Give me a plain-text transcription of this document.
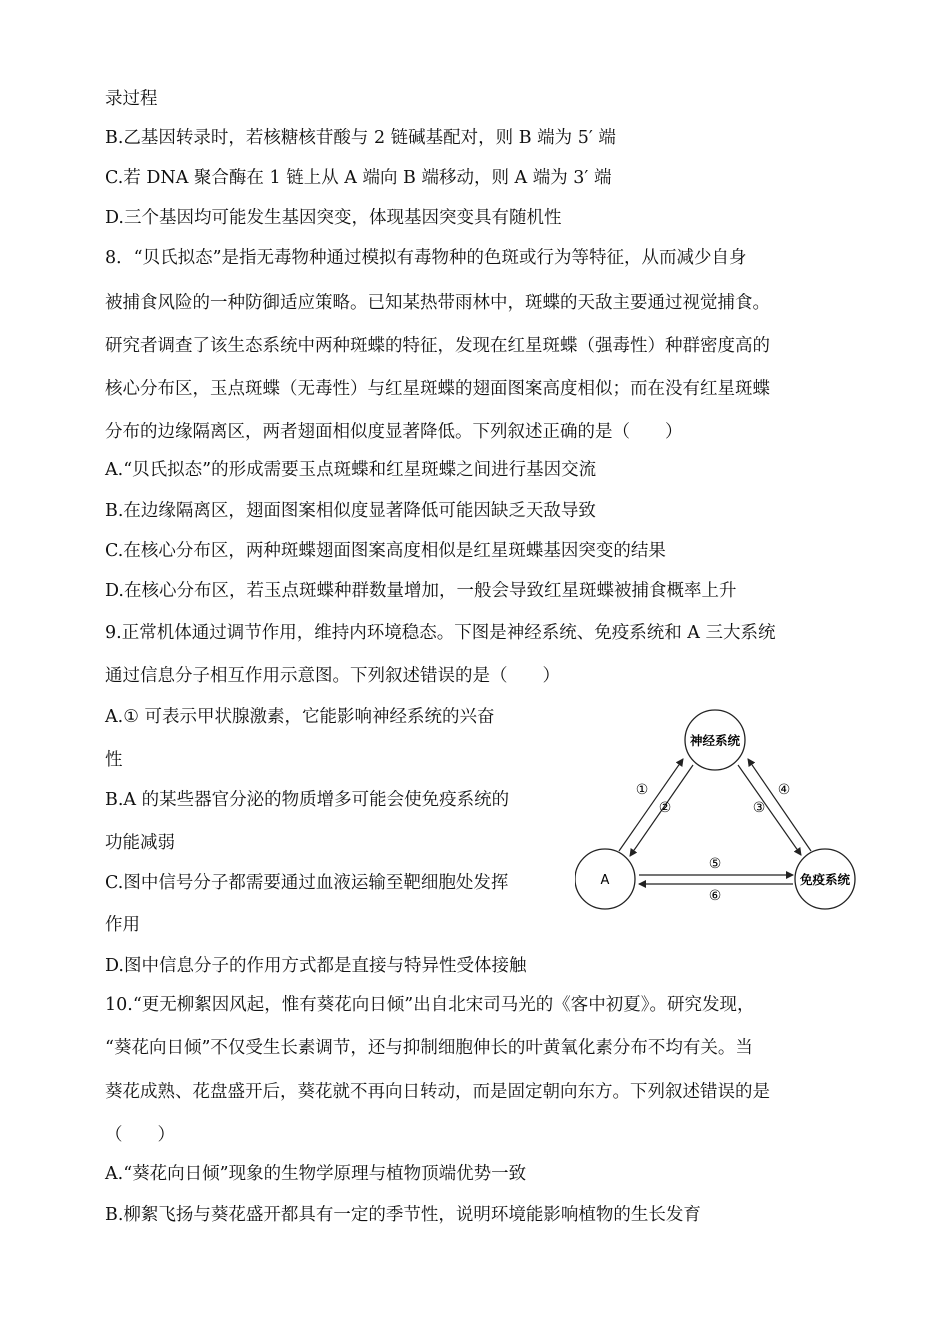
录过程
B.乙基因转录时，若核糖核苷酸与 2 链碱基配对，则 B 端为 5′ 端
C.若 DNA 聚合酶在 1 链上从 A 端向 B 端移动，则 A 端为 3′ 端
D.三个基因均可能发生基因突变，体现基因突变具有随机性
8．“贝氏拟态”是指无毒物种通过模拟有毒物种的色斑或行为等特征，从而减少自身
被捕食风险的一种防御适应策略。已知某热带雨林中，斑蝶的天敌主要通过视觉捕食。
研究者调查了该生态系统中两种斑蝶的特征，发现在红星斑蝶（强毒性）种群密度高的
核心分布区，玉点斑蝶（无毒性）与红星斑蝶的翅面图案高度相似；而在没有红星斑蝶
分布的边缘隔离区，两者翅面相似度显著降低。下列叙述正确的是（　　）
A.“贝氏拟态”的形成需要玉点斑蝶和红星斑蝶之间进行基因交流
B.在边缘隔离区，翅面图案相似度显著降低可能因缺乏天敌导致
C.在核心分布区，两种斑蝶翅面图案高度相似是红星斑蝶基因突变的结果
D.在核心分布区，若玉点斑蝶种群数量增加，一般会导致红星斑蝶被捕食概率上升
9.正常机体通过调节作用，维持内环境稳态。下图是神经系统、免疫系统和 A 三大系统
通过信息分子相互作用示意图。下列叙述错误的是（　　）
A.① 可表示甲状腺激素，它能影响神经系统的兴奋
性
B.A 的某些器官分泌的物质增多可能会使免疫系统的
功能减弱
C.图中信号分子都需要通过血液运输至靶细胞处发挥
作用
D.图中信息分子的作用方式都是直接与特异性受体接触
10.“更无柳絮因风起，惟有葵花向日倾”出自北宋司马光的《客中初夏》。研究发现，
“葵花向日倾”不仅受生长素调节，还与抑制细胞伸长的叶黄氧化素分布不均有关。当
葵花成熟、花盘盛开后，葵花就不再向日转动，而是固定朝向东方。下列叙述错误的是
（　　）
A.“葵花向日倾”现象的生物学原理与植物顶端优势一致
B.柳絮飞扬与葵花盛开都具有一定的季节性，说明环境能影响植物的生长发育
神经系统
A	免疫系统
①
②	③
④
⑤
⑥
